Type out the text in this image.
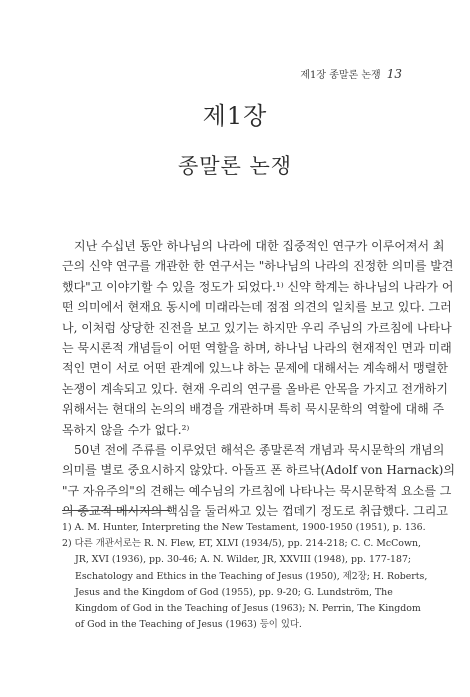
제1장 종말론 논쟁 13
제1장
종말론 논쟁
지난 수십년 동안 하나님의 나라에 대한 집중적인 연구가 이루어져서 최
근의 신약 연구를 개관한 한 연구서는 "하나님의 나라의 진정한 의미를 발견
했다"고 이야기할 수 있을 정도가 되었다.¹⁾ 신약 학계는 하나님의 나라가 어
떤 의미에서 현재요 동시에 미래라는데 점점 의견의 일치를 보고 있다. 그러
나, 이처럼 상당한 진전을 보고 있기는 하지만 우리 주님의 가르침에 나타나
는 묵시론적 개념들이 어떤 역할을 하며, 하나님 나라의 현재적인 면과 미래
적인 면이 서로 어떤 관계에 있느냐 하는 문제에 대해서는 계속해서 맹렬한
논쟁이 계속되고 있다. 현재 우리의 연구를 올바른 안목을 가지고 전개하기
위해서는 현대의 논의의 배경을 개관하며 특히 묵시문학의 역할에 대해 주
목하지 않을 수가 없다.²⁾
50년 전에 주류를 이루었던 해석은 종말론적 개념과 묵시문학의 개념의
의미를 별로 중요시하지 않았다. 아돌프 폰 하르낙(Adolf von Harnack)의
"구 자유주의"의 견해는 예수님의 가르침에 나타나는 묵시문학적 요소를 그
의 종교적 메시지의 핵심을 둘러싸고 있는 껍데기 정도로 취급했다. 그리고
1) A. M. Hunter, Interpreting the New Testament, 1900-1950 (1951), p. 136.
2) 다른 개관서로는 R. N. Flew, ET, XLVI (1934/5), pp. 214-218; C. C. McCown,
JR, XVI (1936), pp. 30-46; A. N. Wilder, JR, XXVIII (1948), pp. 177-187;
Eschatology and Ethics in the Teaching of Jesus (1950), 제2장; H. Roberts,
Jesus and the Kingdom of God (1955), pp. 9-20; G. Lundström, The
Kingdom of God in the Teaching of Jesus (1963); N. Perrin, The Kingdom
of God in the Teaching of Jesus (1963) 등이 있다.
